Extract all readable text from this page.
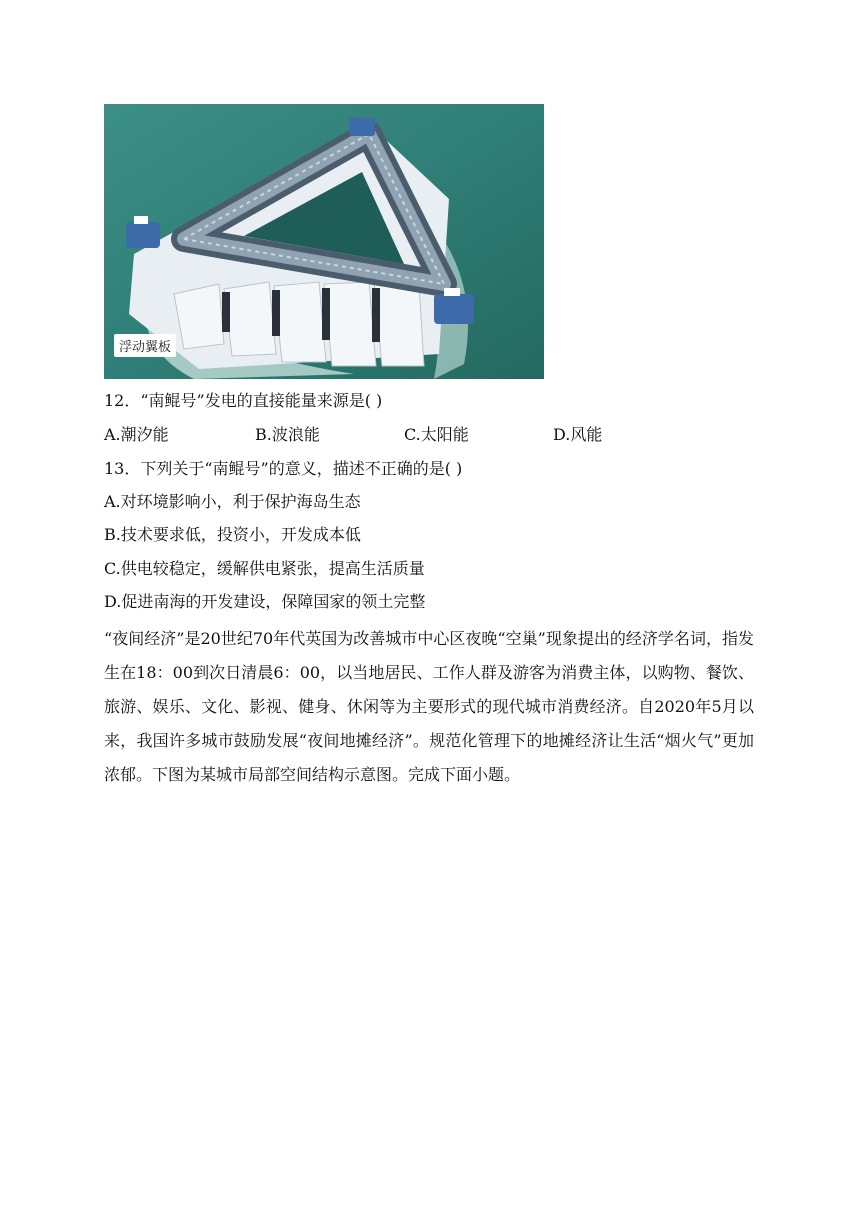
浮动翼板
12．“南鲲号”发电的直接能量来源是( )
A.潮汐能	B.波浪能	C.太阳能	D.风能
13．下列关于“南鲲号”的意义，描述不正确的是( )
A.对环境影响小，利于保护海岛生态
B.技术要求低，投资小，开发成本低
C.供电较稳定，缓解供电紧张，提高生活质量
D.促进南海的开发建设，保障国家的领土完整
“夜间经济”是20世纪70年代英国为改善城市中心区夜晚“空巢”现象提出的经济学名词，指发生在18：00到次日清晨6：00，以当地居民、工作人群及游客为消费主体，以购物、餐饮、旅游、娱乐、文化、影视、健身、休闲等为主要形式的现代城市消费经济。自2020年5月以来，我国许多城市鼓励发展“夜间地摊经济”。规范化管理下的地摊经济让生活“烟火气”更加浓郁。下图为某城市局部空间结构示意图。完成下面小题。
